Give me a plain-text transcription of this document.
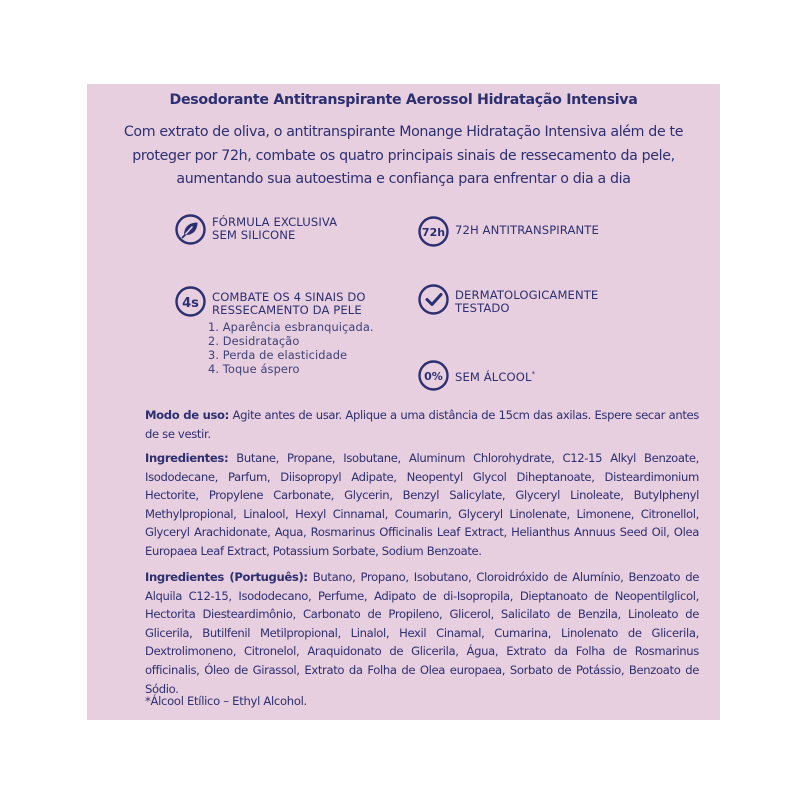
Desodorante Antitranspirante Aerossol Hidratação Intensiva
Com extrato de oliva, o antitranspirante Monange Hidratação Intensiva além de te proteger por 72h, combate os quatro principais sinais de ressecamento da pele, aumentando sua autoestima e confiança para enfrentar o dia a dia
FÓRMULA EXCLUSIVA
SEM SILICONE	72h 72H ANTITRANSPIRANTE
4s COMBATE OS 4 SINAIS DO
RESSECAMENTO DA PELE
1. Aparência esbranquiçada.
2. Desidratação
3. Perda de elasticidade
4. Toque áspero
DERMATOLOGICAMENTE
TESTADO
0% SEM ÁLCOOL*

Modo de uso: Agite antes de usar. Aplique a uma distância de 15cm das axilas. Espere secar antes de se vestir.

Ingredientes: Butane, Propane, Isobutane, Aluminum Chlorohydrate, C12-15 Alkyl Benzoate, Isododecane, Parfum, Diisopropyl Adipate, Neopentyl Glycol Diheptanoate, Disteardimonium Hectorite, Propylene Carbonate, Glycerin, Benzyl Salicylate, Glyceryl Linoleate, Butylphenyl Methylpropional, Linalool, Hexyl Cinnamal, Coumarin, Glyceryl Linolenate, Limonene, Citronellol, Glyceryl Arachidonate, Aqua, Rosmarinus Officinalis Leaf Extract, Helianthus Annuus Seed Oil, Olea Europaea Leaf Extract, Potassium Sorbate, Sodium Benzoate.

Ingredientes (Português): Butano, Propano, Isobutano, Cloroidróxido de Alumínio, Benzoato de Alquila C12-15, Isododecano, Perfume, Adipato de di-Isopropila, Dieptanoato de Neopentilglicol, Hectorita Diesteardimônio, Carbonato de Propileno, Glicerol, Salicilato de Benzila, Linoleato de Glicerila, Butilfenil Metilpropional, Linalol, Hexil Cinamal, Cumarina, Linolenato de Glicerila, Dextrolimoneno, Citronelol, Araquidonato de Glicerila, Água, Extrato da Folha de Rosmarinus officinalis, Óleo de Girassol, Extrato da Folha de Olea europaea, Sorbato de Potássio, Benzoato de Sódio.

*Álcool Etílico – Ethyl Alcohol.
